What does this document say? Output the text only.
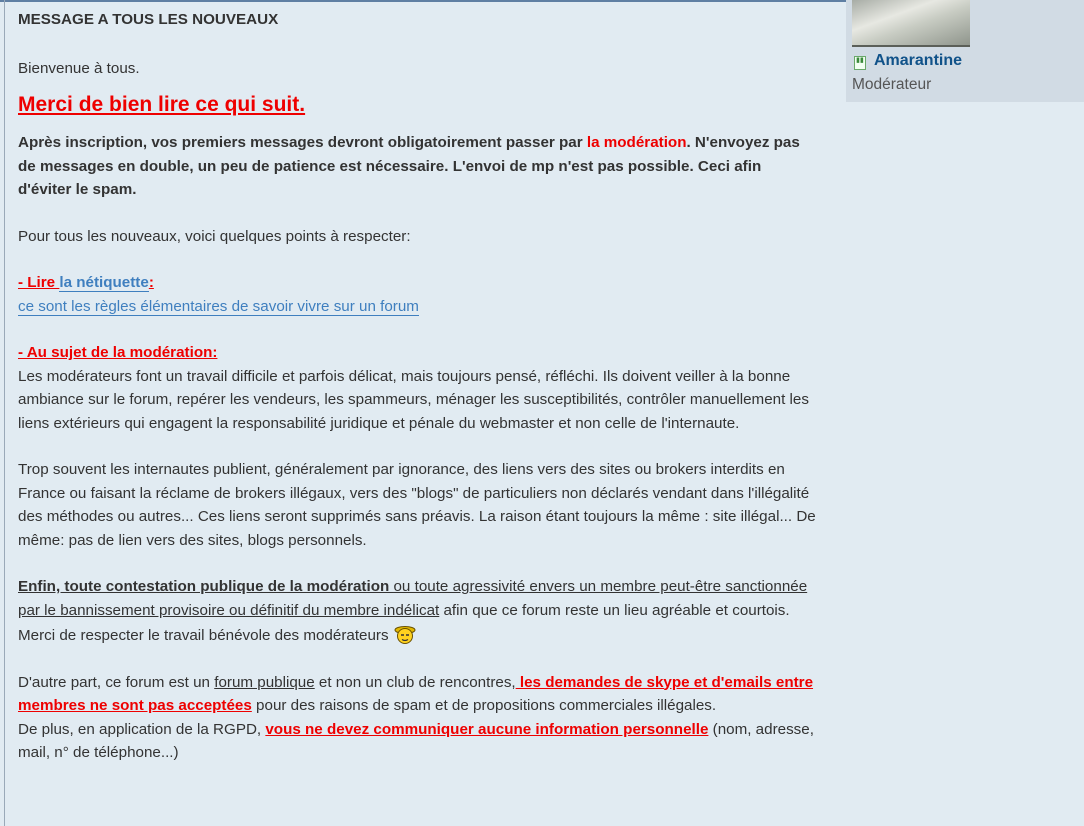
MESSAGE A TOUS LES NOUVEAUX

Bienvenue à tous.

Merci de bien lire ce qui suit.

Après inscription, vos premiers messages devront obligatoirement passer par la modération. N'envoyez pas de messages en double, un peu de patience est nécessaire. L'envoi de mp n'est pas possible. Ceci afin d'éviter le spam.

Pour tous les nouveaux, voici quelques points à respecter:

- Lire la nétiquette:

ce sont les règles élémentaires de savoir vivre sur un forum

- Au sujet de la modération:

Les modérateurs font un travail difficile et parfois délicat, mais toujours pensé, réfléchi. Ils doivent veiller à la bonne ambiance sur le forum, repérer les vendeurs, les spammeurs, ménager les susceptibilités, contrôler manuellement les liens extérieurs qui engagent la responsabilité juridique et pénale du webmaster et non celle de l'internaute.

Trop souvent les internautes publient, généralement par ignorance, des liens vers des sites ou brokers interdits en France ou faisant la réclame de brokers illégaux, vers des "blogs" de particuliers non déclarés vendant dans l'illégalité des méthodes ou autres... Ces liens seront supprimés sans préavis. La raison étant toujours la même : site illégal... De même: pas de lien vers des sites, blogs personnels.

Enfin, toute contestation publique de la modération ou toute agressivité envers un membre peut-être sanctionnée par le bannissement provisoire ou définitif du membre indélicat afin que ce forum reste un lieu agréable et courtois. Merci de respecter le travail bénévole des modérateurs

D'autre part, ce forum est un forum publique et non un club de rencontres, les demandes de skype et d'emails entre membres ne sont pas acceptées pour des raisons de spam et de propositions commerciales illégales.
De plus, en application de la RGPD, vous ne devez communiquer aucune information personnelle (nom, adresse, mail, n° de téléphone...)

▮▮ Amarantine
Modérateur
